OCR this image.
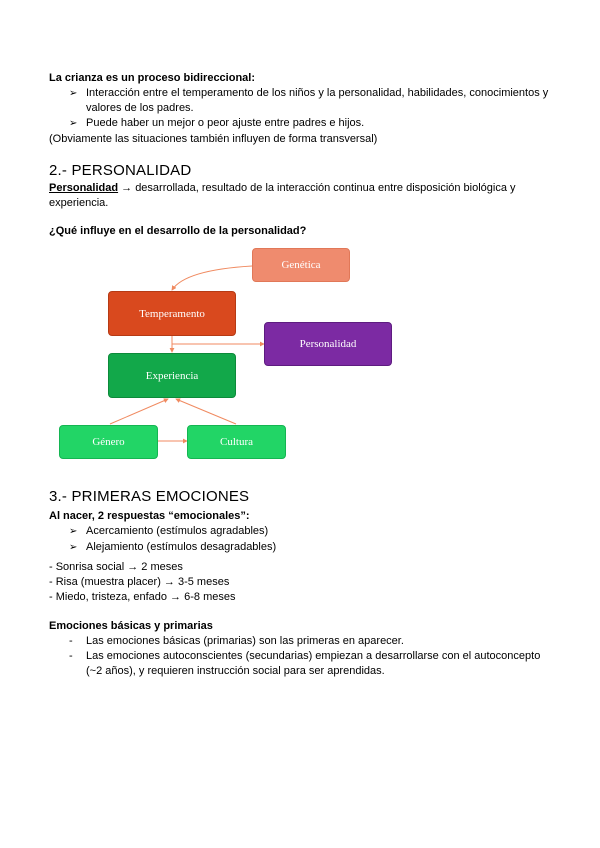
La crianza es un proceso bidireccional:
➢ Interacción entre el temperamento de los niños y la personalidad, habilidades, conocimientos y
valores de los padres.
➢ Puede haber un mejor o peor ajuste entre padres e hijos.
(Obviamente las situaciones también influyen de forma transversal)
2.- PERSONALIDAD
Personalidad → desarrollada, resultado de la interacción continua entre disposición biológica y
experiencia.
¿Qué influye en el desarrollo de la personalidad?
Genética
Temperamento
Personalidad
Experiencia
Género	Cultura
3.- PRIMERAS EMOCIONES
Al nacer, 2 respuestas “emocionales”:
➢ Acercamiento (estímulos agradables)
➢ Alejamiento (estímulos desagradables)
- Sonrisa social → 2 meses
- Risa (muestra placer) → 3-5 meses
- Miedo, tristeza, enfado → 6-8 meses
Emociones básicas y primarias
- Las emociones básicas (primarias) son las primeras en aparecer.
- Las emociones autoconscientes (secundarias) empiezan a desarrollarse con el autoconcepto
(~2 años), y requieren instrucción social para ser aprendidas.
